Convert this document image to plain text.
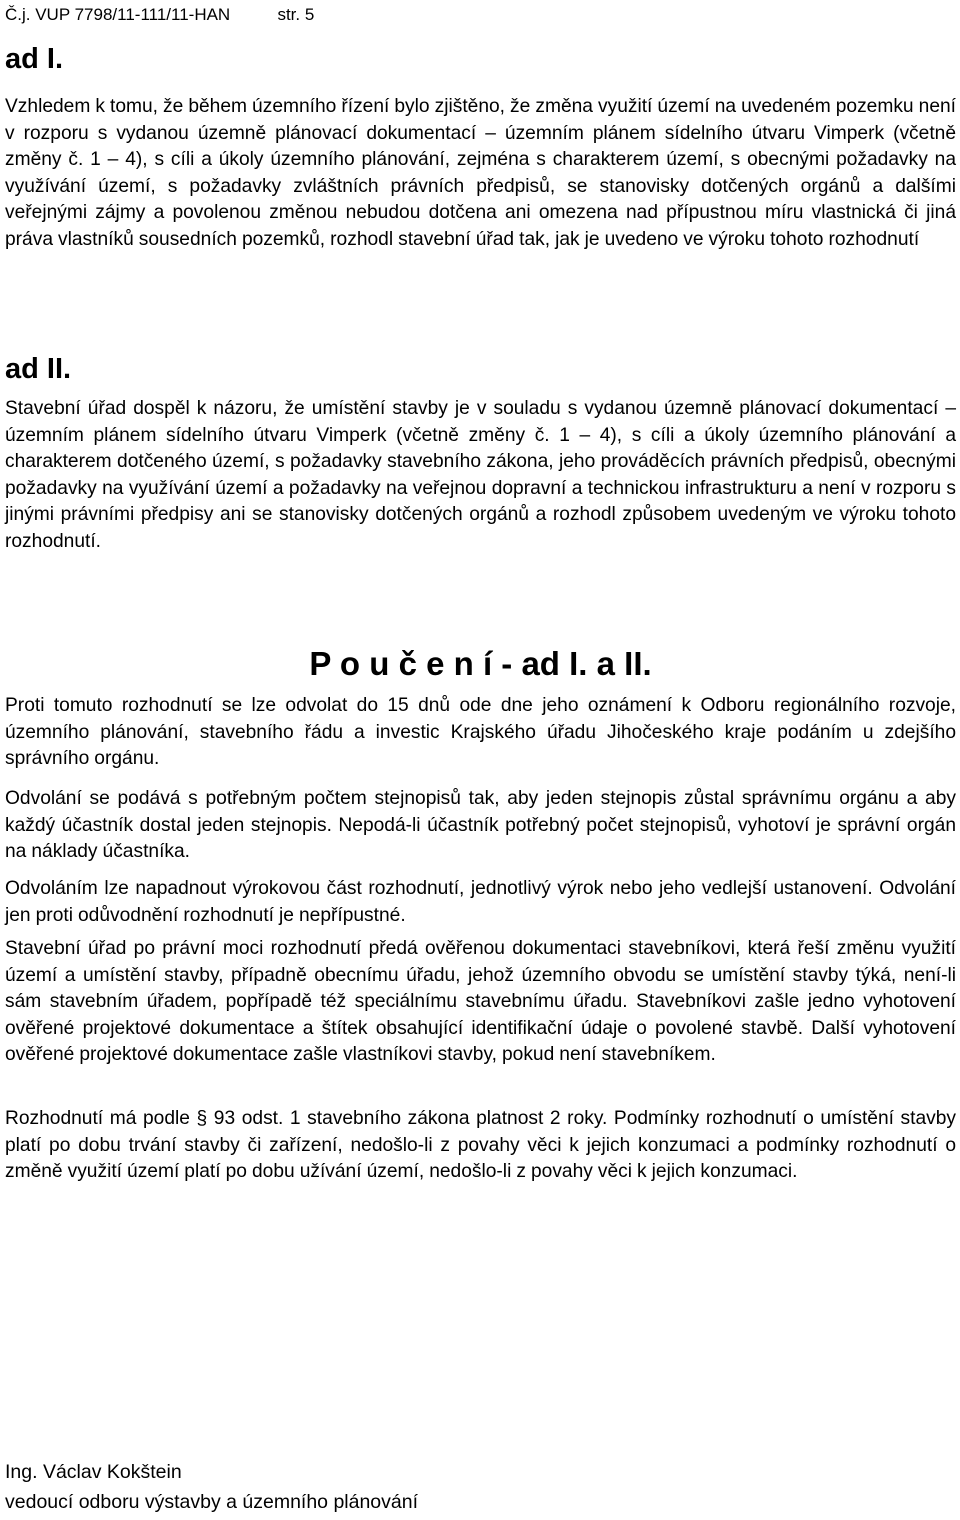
Č.j. VUP 7798/11-111/11-HAN	str. 5
ad I.
Vzhledem k tomu, že během územního řízení bylo zjištěno, že změna využití území na uvedeném pozemku není v rozporu s vydanou územně plánovací dokumentací – územním plánem sídelního útvaru Vimperk (včetně změny č. 1 – 4), s cíli a úkoly územního plánování, zejména s charakterem území, s obecnými požadavky na využívání území, s požadavky zvláštních právních předpisů, se stanovisky dotčených orgánů a dalšími veřejnými zájmy a povolenou změnou nebudou dotčena ani omezena nad přípustnou míru vlastnická či jiná práva vlastníků sousedních pozemků, rozhodl stavební úřad tak, jak je uvedeno ve výroku tohoto rozhodnutí
ad II.
Stavební úřad dospěl k názoru, že umístění stavby je v souladu s vydanou územně plánovací dokumentací – územním plánem sídelního útvaru Vimperk (včetně změny č. 1 – 4), s cíli a úkoly územního plánování a charakterem dotčeného území, s požadavky stavebního zákona, jeho prováděcích právních předpisů, obecnými požadavky na využívání území a požadavky na veřejnou dopravní a technickou infrastrukturu a není v rozporu s jinými právními předpisy ani se stanovisky dotčených orgánů a rozhodl způsobem uvedeným ve výroku tohoto rozhodnutí.
P o u č e n í - ad I. a II.
Proti tomuto rozhodnutí se lze odvolat do 15 dnů ode dne jeho oznámení k Odboru regionálního rozvoje, územního plánování, stavebního řádu a investic Krajského úřadu Jihočeského kraje podáním u zdejšího správního orgánu.
Odvolání se podává s potřebným počtem stejnopisů tak, aby jeden stejnopis zůstal správnímu orgánu a aby každý účastník dostal jeden stejnopis. Nepodá-li účastník potřebný počet stejnopisů, vyhotoví je správní orgán na náklady účastníka.
Odvoláním lze napadnout výrokovou část rozhodnutí, jednotlivý výrok nebo jeho vedlejší ustanovení. Odvolání jen proti odůvodnění rozhodnutí je nepřípustné.
Stavební úřad po právní moci rozhodnutí předá ověřenou dokumentaci stavebníkovi, která řeší změnu využití území a umístění stavby, případně obecnímu úřadu, jehož územního obvodu se umístění stavby týká, není-li sám stavebním úřadem, popřípadě též speciálnímu stavebnímu úřadu. Stavebníkovi zašle jedno vyhotovení ověřené projektové dokumentace a štítek obsahující identifikační údaje o povolené stavbě. Další vyhotovení ověřené projektové dokumentace zašle vlastníkovi stavby, pokud není stavebníkem.
Rozhodnutí má podle § 93 odst. 1 stavebního zákona platnost 2 roky. Podmínky rozhodnutí o umístění stavby platí po dobu trvání stavby či zařízení, nedošlo-li z povahy věci k jejich konzumaci a podmínky rozhodnutí o změně využití území platí po dobu užívání území, nedošlo-li z povahy věci k jejich konzumaci.
Ing. Václav Kokštein
vedoucí odboru výstavby a územního plánování
